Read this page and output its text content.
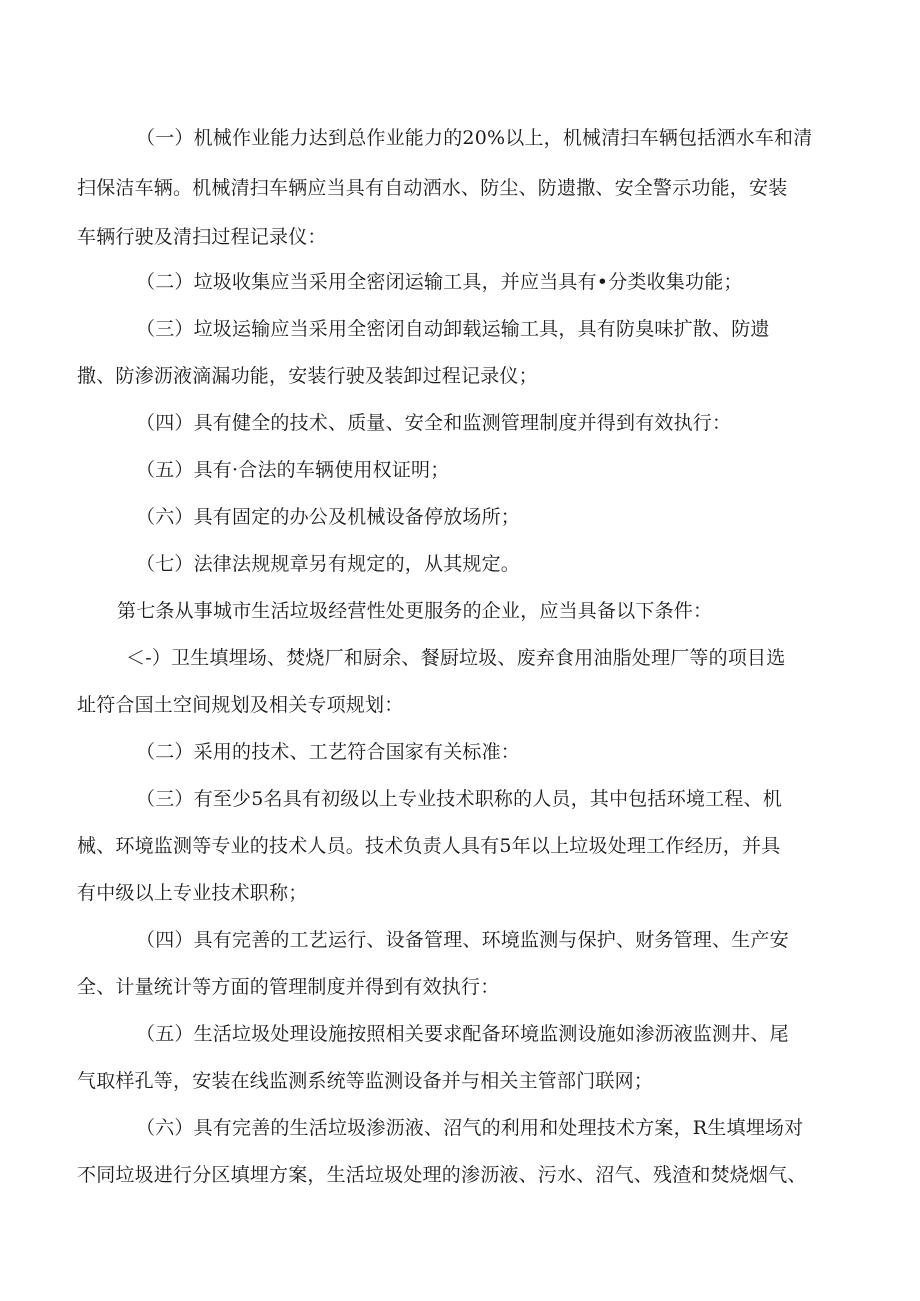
（一）机械作业能力达到总作业能力的20%以上，机械清扫车辆包括洒水车和清

扫保洁车辆。机械清扫车辆应当具有自动洒水、防尘、防遗撒、安全警示功能，安装

车辆行驶及清扫过程记录仪：

（二）垃圾收集应当采用全密闭运输工具，并应当具有•分类收集功能；

（三）垃圾运输应当采用全密闭自动卸载运输工具，具有防臭味扩散、防遗

撒、防渗沥液滴漏功能，安装行驶及装卸过程记录仪；

（四）具有健全的技术、质量、安全和监测管理制度并得到有效执行：

（五）具有·合法的车辆使用权证明；

（六）具有固定的办公及机械设备停放场所；

（七）法律法规规章另有规定的，从其规定。

第七条从事城市生活垃圾经营性处更服务的企业，应当具备以下条件：

＜-）卫生填埋场、焚烧厂和厨余、餐厨垃圾、废弃食用油脂处理厂等的项目选

址符合国土空间规划及相关专项规划：

（二）采用的技术、工艺符合国家有关标准：

（三）有至少5名具有初级以上专业技术职称的人员，其中包括环境工程、机

械、环境监测等专业的技术人员。技术负责人具有5年以上垃圾处理工作经历，并具

有中级以上专业技术职称；

（四）具有完善的工艺运行、设备管理、环境监测与保护、财务管理、生产安

全、计量统计等方面的管理制度并得到有效执行：

（五）生活垃圾处理设施按照相关要求配备环境监测设施如渗沥液监测井、尾

气取样孔等，安装在线监测系统等监测设备并与相关主管部门联网；

（六）具有完善的生活垃圾渗沥液、沼气的利用和处理技术方案，R生填埋场对

不同垃圾进行分区填埋方案，生活垃圾处理的渗沥液、污水、沼气、残渣和焚烧烟气、
